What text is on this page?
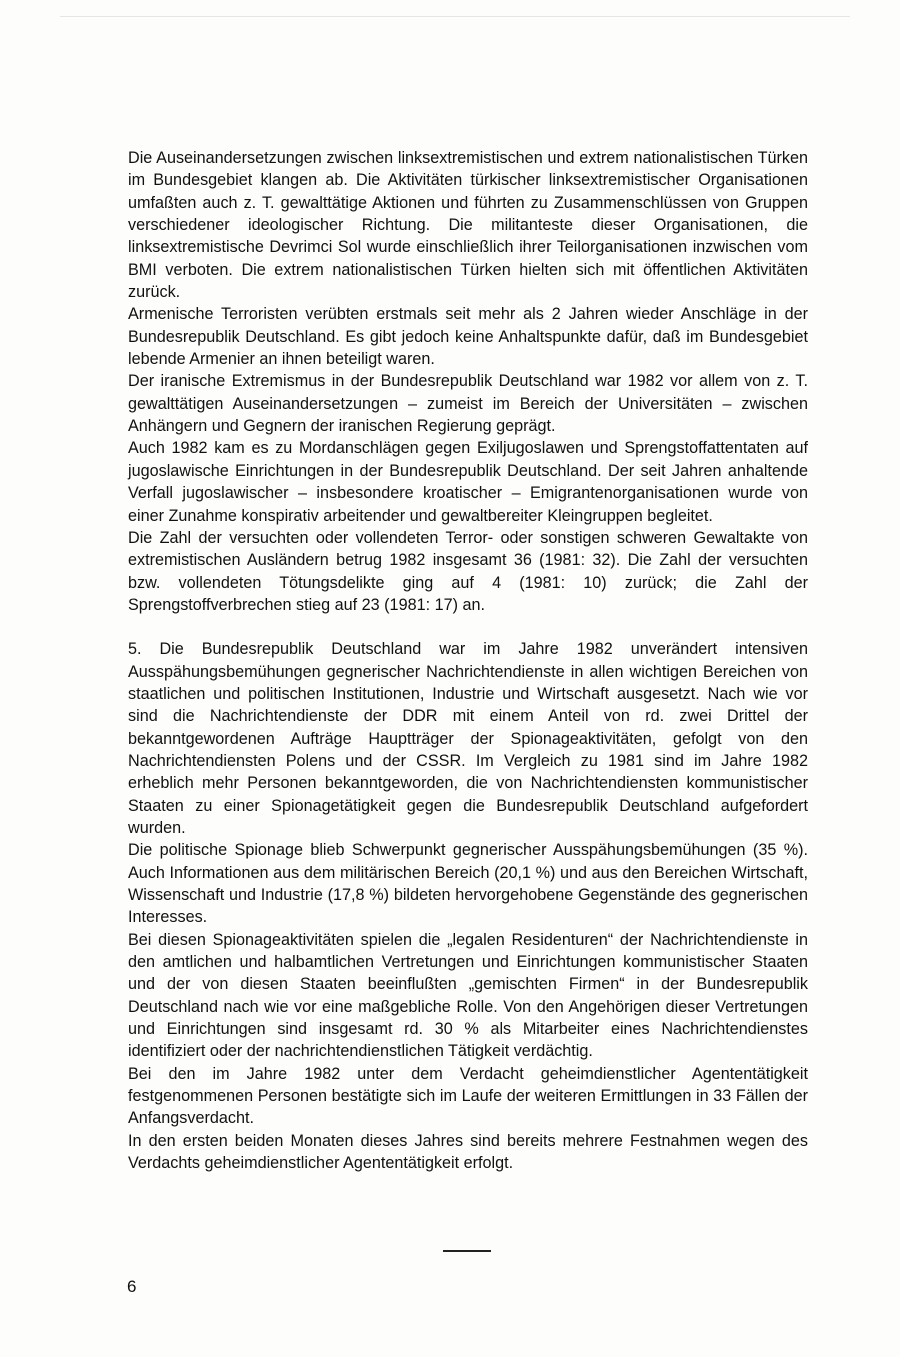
Die Auseinandersetzungen zwischen linksextremistischen und extrem nationalistischen Türken im Bundesgebiet klangen ab. Die Aktivitäten türkischer linksextremistischer Organisationen umfaßten auch z. T. gewalttätige Aktionen und führten zu Zusammenschlüssen von Gruppen verschiedener ideologischer Richtung. Die militanteste dieser Organisationen, die linksextremistische Devrimci Sol wurde einschließlich ihrer Teilorganisationen inzwischen vom BMI verboten. Die extrem nationalistischen Türken hielten sich mit öffentlichen Aktivitäten zurück.

Armenische Terroristen verübten erstmals seit mehr als 2 Jahren wieder Anschläge in der Bundesrepublik Deutschland. Es gibt jedoch keine Anhaltspunkte dafür, daß im Bundesgebiet lebende Armenier an ihnen beteiligt waren.

Der iranische Extremismus in der Bundesrepublik Deutschland war 1982 vor allem von z. T. gewalttätigen Auseinandersetzungen – zumeist im Bereich der Universitäten – zwischen Anhängern und Gegnern der iranischen Regierung geprägt.

Auch 1982 kam es zu Mordanschlägen gegen Exiljugoslawen und Sprengstoffattentaten auf jugoslawische Einrichtungen in der Bundesrepublik Deutschland. Der seit Jahren anhaltende Verfall jugoslawischer – insbesondere kroatischer – Emigrantenorganisationen wurde von einer Zunahme konspirativ arbeitender und gewaltbereiter Kleingruppen begleitet.

Die Zahl der versuchten oder vollendeten Terror- oder sonstigen schweren Gewaltakte von extremistischen Ausländern betrug 1982 insgesamt 36 (1981: 32). Die Zahl der versuchten bzw. vollendeten Tötungsdelikte ging auf 4 (1981: 10) zurück; die Zahl der Sprengstoffverbrechen stieg auf 23 (1981: 17) an.

5. Die Bundesrepublik Deutschland war im Jahre 1982 unverändert intensiven Ausspähungsbemühungen gegnerischer Nachrichtendienste in allen wichtigen Bereichen von staatlichen und politischen Institutionen, Industrie und Wirtschaft ausgesetzt. Nach wie vor sind die Nachrichtendienste der DDR mit einem Anteil von rd. zwei Drittel der bekanntgewordenen Aufträge Hauptträger der Spionageaktivitäten, gefolgt von den Nachrichtendiensten Polens und der CSSR. Im Vergleich zu 1981 sind im Jahre 1982 erheblich mehr Personen bekanntgeworden, die von Nachrichtendiensten kommunistischer Staaten zu einer Spionagetätigkeit gegen die Bundesrepublik Deutschland aufgefordert wurden.

Die politische Spionage blieb Schwerpunkt gegnerischer Ausspähungsbemühungen (35 %). Auch Informationen aus dem militärischen Bereich (20,1 %) und aus den Bereichen Wirtschaft, Wissenschaft und Industrie (17,8 %) bildeten hervorgehobene Gegenstände des gegnerischen Interesses.

Bei diesen Spionageaktivitäten spielen die „legalen Residenturen“ der Nachrichtendienste in den amtlichen und halbamtlichen Vertretungen und Einrichtungen kommunistischer Staaten und der von diesen Staaten beeinflußten „gemischten Firmen“ in der Bundesrepublik Deutschland nach wie vor eine maßgebliche Rolle. Von den Angehörigen dieser Vertretungen und Einrichtungen sind insgesamt rd. 30 % als Mitarbeiter eines Nachrichtendienstes identifiziert oder der nachrichtendienstlichen Tätigkeit verdächtig.

Bei den im Jahre 1982 unter dem Verdacht geheimdienstlicher Agententätigkeit festgenommenen Personen bestätigte sich im Laufe der weiteren Ermittlungen in 33 Fällen der Anfangsverdacht.

In den ersten beiden Monaten dieses Jahres sind bereits mehrere Festnahmen wegen des Verdachts geheimdienstlicher Agententätigkeit erfolgt.

6
